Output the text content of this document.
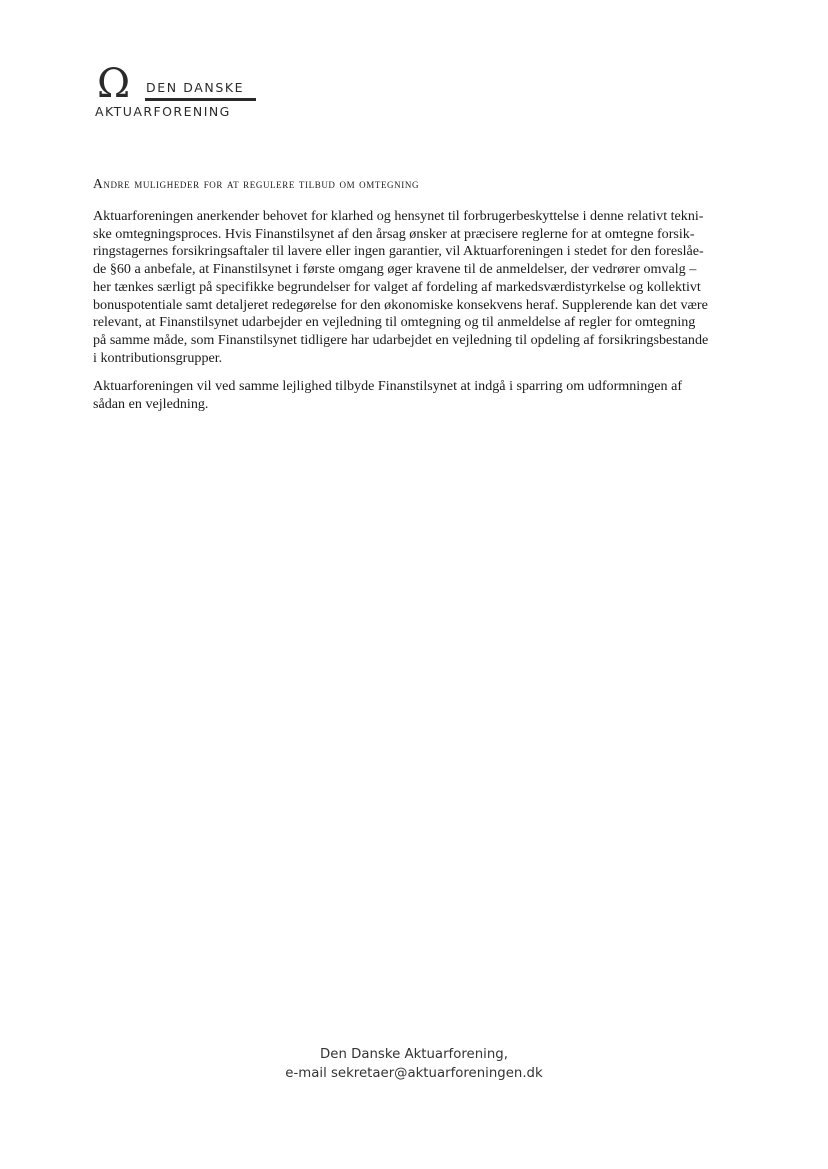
Ω DEN DANSKE
AKTUARFORENING
Andre muligheder for at regulere tilbud om omtegning
Aktuarforeningen anerkender behovet for klarhed og hensynet til forbrugerbeskyttelse i denne relativt tekni-
ske omtegningsproces. Hvis Finanstilsynet af den årsag ønsker at præcisere reglerne for at omtegne forsik-
ringstagernes forsikringsaftaler til lavere eller ingen garantier, vil Aktuarforeningen i stedet for den foreslåe-
de §60 a anbefale, at Finanstilsynet i første omgang øger kravene til de anmeldelser, der vedrører omvalg –
her tænkes særligt på specifikke begrundelser for valget af fordeling af markedsværdistyrkelse og kollektivt
bonuspotentiale samt detaljeret redegørelse for den økonomiske konsekvens heraf. Supplerende kan det være
relevant, at Finanstilsynet udarbejder en vejledning til omtegning og til anmeldelse af regler for omtegning
på samme måde, som Finanstilsynet tidligere har udarbejdet en vejledning til opdeling af forsikringsbestande
i kontributionsgrupper.
Aktuarforeningen vil ved samme lejlighed tilbyde Finanstilsynet at indgå i sparring om udformningen af
sådan en vejledning.
Den Danske Aktuarforening,
e-mail sekretaer@aktuarforeningen.dk
